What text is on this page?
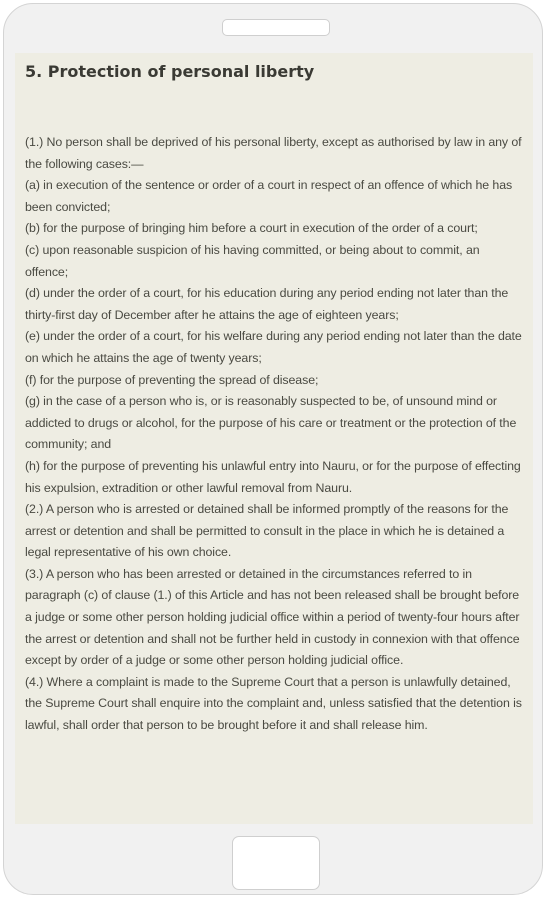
5. Protection of personal liberty
(1.) No person shall be deprived of his personal liberty, except as authorised by law in any of the following cases:—
(a) in execution of the sentence or order of a court in respect of an offence of which he has been convicted;
(b) for the purpose of bringing him before a court in execution of the order of a court;
(c) upon reasonable suspicion of his having committed, or being about to commit, an offence;
(d) under the order of a court, for his education during any period ending not later than the thirty-first day of December after he attains the age of eighteen years;
(e) under the order of a court, for his welfare during any period ending not later than the date on which he attains the age of twenty years;
(f) for the purpose of preventing the spread of disease;
(g) in the case of a person who is, or is reasonably suspected to be, of unsound mind or addicted to drugs or alcohol, for the purpose of his care or treatment or the protection of the community; and
(h) for the purpose of preventing his unlawful entry into Nauru, or for the purpose of effecting his expulsion, extradition or other lawful removal from Nauru.
(2.) A person who is arrested or detained shall be informed promptly of the reasons for the arrest or detention and shall be permitted to consult in the place in which he is detained a legal representative of his own choice.
(3.) A person who has been arrested or detained in the circumstances referred to in paragraph (c) of clause (1.) of this Article and has not been released shall be brought before a judge or some other person holding judicial office within a period of twenty-four hours after the arrest or detention and shall not be further held in custody in connexion with that offence except by order of a judge or some other person holding judicial office.
(4.) Where a complaint is made to the Supreme Court that a person is unlawfully detained, the Supreme Court shall enquire into the complaint and, unless satisfied that the detention is lawful, shall order that person to be brought before it and shall release him.
